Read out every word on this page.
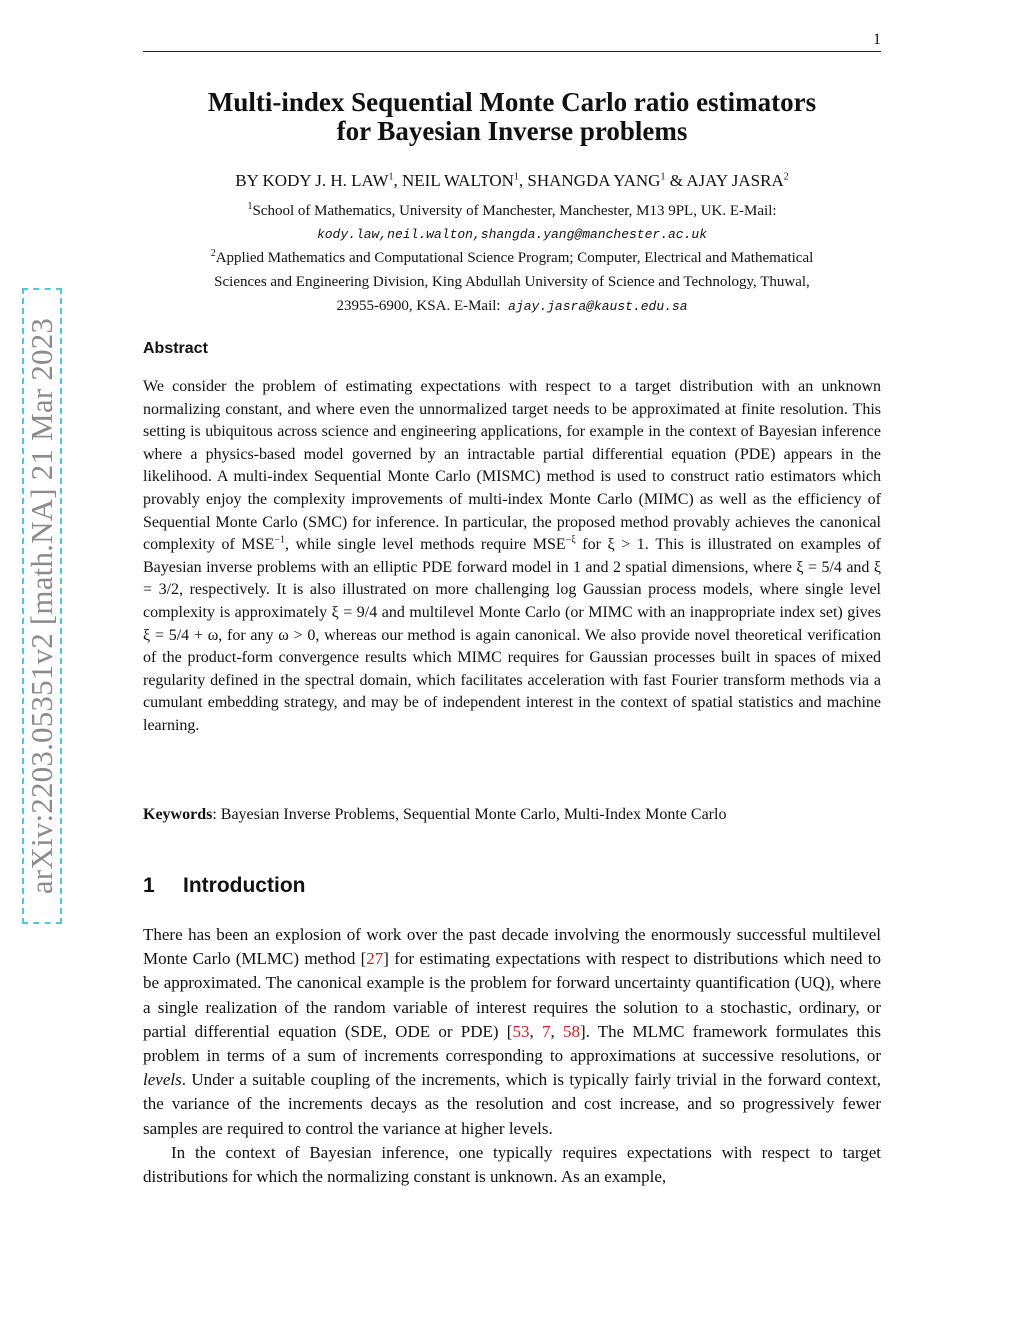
1
arXiv:2203.05351v2 [math.NA] 21 Mar 2023
Multi-index Sequential Monte Carlo ratio estimators
for Bayesian Inverse problems
BY KODY J. H. LAW$^1$, NEIL WALTON$^1$, SHANGDA YANG$^1$ & AJAY JASRA$^2$
$^1$School of Mathematics, University of Manchester, Manchester, M13 9PL, UK. E-Mail:
kody.law,neil.walton,shangda.yang@manchester.ac.uk
$^2$Applied Mathematics and Computational Science Program; Computer, Electrical and Mathematical
Sciences and Engineering Division, King Abdullah University of Science and Technology, Thuwal,
23955-6900, KSA. E-Mail: ajay.jasra@kaust.edu.sa
Abstract
We consider the problem of estimating expectations with respect to a target distribution with an unknown normalizing constant, and where even the unnormalized target needs to be approximated at finite resolution. This setting is ubiquitous across science and engineering applications, for example in the context of Bayesian inference where a physics-based model governed by an intractable partial differential equation (PDE) appears in the likelihood. A multi-index Sequential Monte Carlo (MISMC) method is used to construct ratio estimators which provably enjoy the complexity improvements of multi-index Monte Carlo (MIMC) as well as the efficiency of Sequential Monte Carlo (SMC) for inference. In particular, the proposed method provably achieves the canonical complexity of $MSE^{-1}$, while single level methods require $MSE^{-\xi}$ for ξ > 1. This is illustrated on examples of Bayesian inverse problems with an elliptic PDE forward model in 1 and 2 spatial dimensions, where ξ = 5/4 and ξ = 3/2, respectively. It is also illustrated on more challenging log Gaussian process models, where single level complexity is approximately ξ = 9/4 and multilevel Monte Carlo (or MIMC with an inappropriate index set) gives ξ = 5/4 + ω, for any ω > 0, whereas our method is again canonical. We also provide novel theoretical verification of the product-form convergence results which MIMC requires for Gaussian processes built in spaces of mixed regularity defined in the spectral domain, which facilitates acceleration with fast Fourier transform methods via a cumulant embedding strategy, and may be of independent interest in the context of spatial statistics and machine learning.
Keywords: Bayesian Inverse Problems, Sequential Monte Carlo, Multi-Index Monte Carlo
1 Introduction

There has been an explosion of work over the past decade involving the enormously successful multilevel Monte Carlo (MLMC) method [27] for estimating expectations with respect to distributions which need to be approximated. The canonical example is the problem for forward uncertainty quantification (UQ), where a single realization of the random variable of interest requires the solution to a stochastic, ordinary, or partial differential equation (SDE, ODE or PDE) [53, 7, 58]. The MLMC framework formulates this problem in terms of a sum of increments corresponding to approximations at successive resolutions, or levels. Under a suitable coupling of the increments, which is typically fairly trivial in the forward context, the variance of the increments decays as the resolution and cost increase, and so progressively fewer samples are required to control the variance at higher levels.

In the context of Bayesian inference, one typically requires expectations with respect to target distributions for which the normalizing constant is unknown. As an example,
